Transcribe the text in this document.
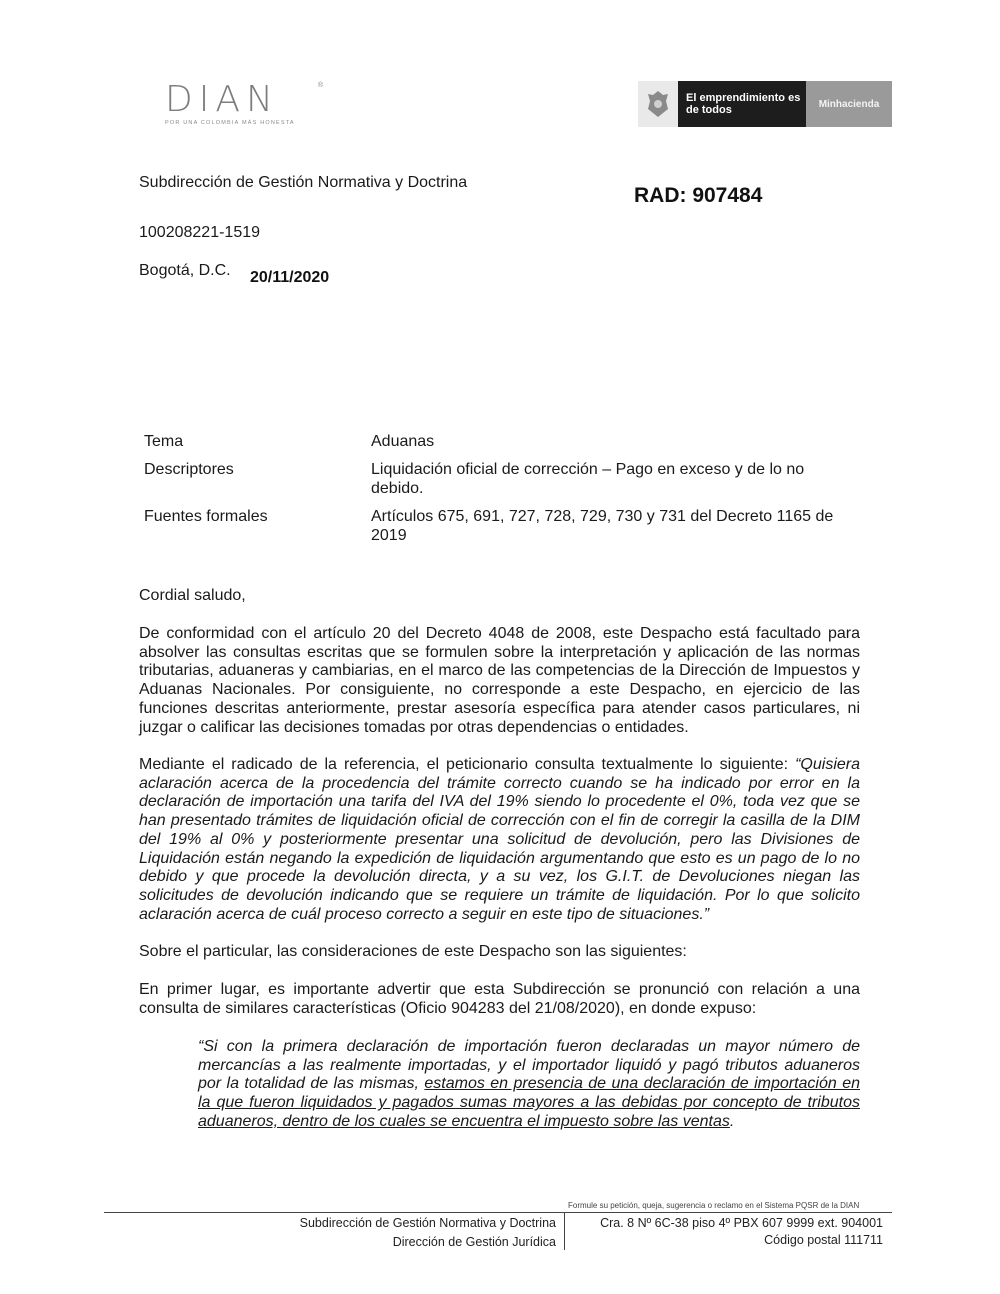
DIAN
POR UNA COLOMBIA MÁS HONESTA
®
El emprendimiento es de todos	Minhacienda
Subdirección de Gestión Normativa y Doctrina
RAD: 907484
100208221-1519
Bogotá, D.C. 20/11/2020
Tema	Aduanas
Descriptores	Liquidación oficial de corrección – Pago en exceso y de lo no debido.
Fuentes formales	Artículos 675, 691, 727, 728, 729, 730 y 731 del Decreto 1165 de 2019
Cordial saludo,
De conformidad con el artículo 20 del Decreto 4048 de 2008, este Despacho está facultado para absolver las consultas escritas que se formulen sobre la interpretación y aplicación de las normas tributarias, aduaneras y cambiarias, en el marco de las competencias de la Dirección de Impuestos y Aduanas Nacionales. Por consiguiente, no corresponde a este Despacho, en ejercicio de las funciones descritas anteriormente, prestar asesoría específica para atender casos particulares, ni juzgar o calificar las decisiones tomadas por otras dependencias o entidades.
Mediante el radicado de la referencia, el peticionario consulta textualmente lo siguiente: “Quisiera aclaración acerca de la procedencia del trámite correcto cuando se ha indicado por error en la declaración de importación una tarifa del IVA del 19% siendo lo procedente el 0%, toda vez que se han presentado trámites de liquidación oficial de corrección con el fin de corregir la casilla de la DIM del 19% al 0% y posteriormente presentar una solicitud de devolución, pero las Divisiones de Liquidación están negando la expedición de liquidación argumentando que esto es un pago de lo no debido y que procede la devolución directa, y a su vez, los G.I.T. de Devoluciones niegan las solicitudes de devolución indicando que se requiere un trámite de liquidación. Por lo que solicito aclaración acerca de cuál proceso correcto a seguir en este tipo de situaciones.”
Sobre el particular, las consideraciones de este Despacho son las siguientes:
En primer lugar, es importante advertir que esta Subdirección se pronunció con relación a una consulta de similares características (Oficio 904283 del 21/08/2020), en donde expuso:
“Si con la primera declaración de importación fueron declaradas un mayor número de mercancías a las realmente importadas, y el importador liquidó y pagó tributos aduaneros por la totalidad de las mismas, estamos en presencia de una declaración de importación en la que fueron liquidados y pagados sumas mayores a las debidas por concepto de tributos aduaneros, dentro de los cuales se encuentra el impuesto sobre las ventas.
Formule su petición, queja, sugerencia o reclamo en el Sistema PQSR de la DIAN
Subdirección de Gestión Normativa y Doctrina
Dirección de Gestión Jurídica
Cra. 8 Nº 6C-38 piso 4º PBX 607 9999 ext. 904001
Código postal 111711
